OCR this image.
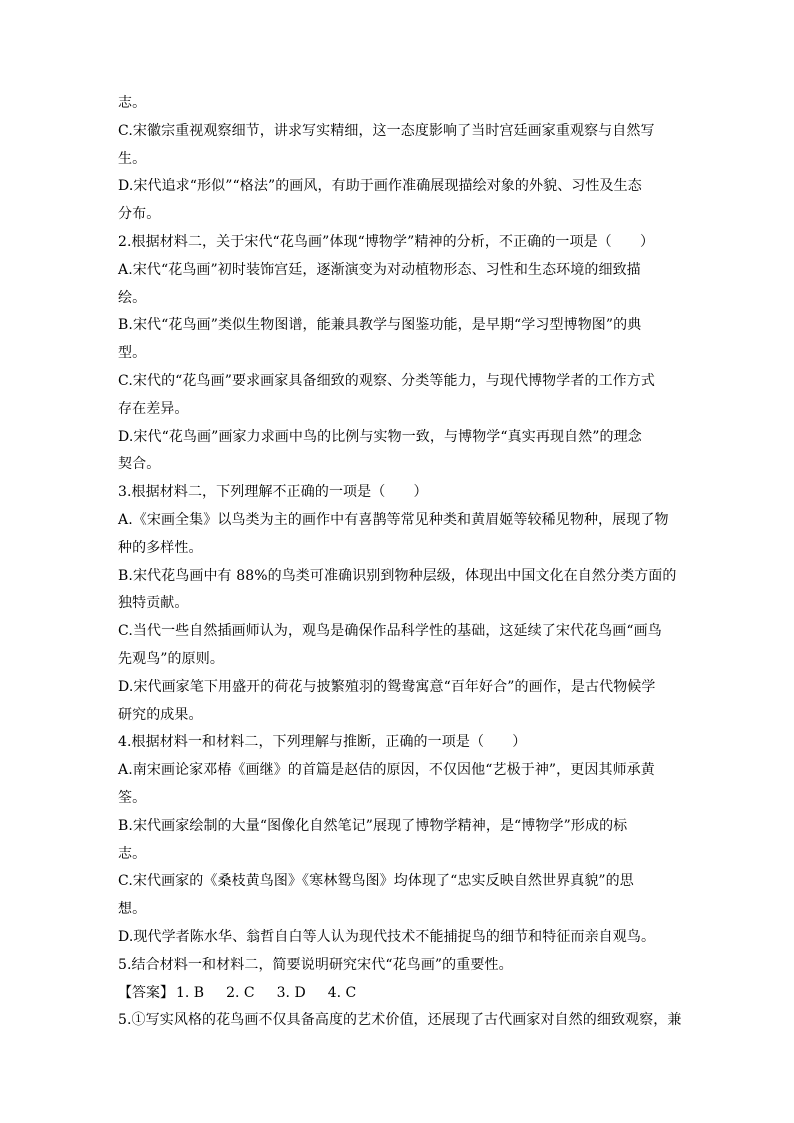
志。
C.宋徽宗重视观察细节，讲求写实精细，这一态度影响了当时宫廷画家重观察与自然写
生。
D.宋代追求“形似”“格法”的画风，有助于画作准确展现描绘对象的外貌、习性及生态
分布。
2.根据材料二，关于宋代“花鸟画”体现“博物学”精神的分析，不正确的一项是（　　）
A.宋代“花鸟画”初时装饰宫廷，逐渐演变为对动植物形态、习性和生态环境的细致描
绘。
B.宋代“花鸟画”类似生物图谱，能兼具教学与图鉴功能，是早期“学习型博物图”的典
型。
C.宋代的“花鸟画”要求画家具备细致的观察、分类等能力，与现代博物学者的工作方式
存在差异。
D.宋代“花鸟画”画家力求画中鸟的比例与实物一致，与博物学“真实再现自然”的理念
契合。
3.根据材料二，下列理解不正确的一项是（　　）
A.《宋画全集》以鸟类为主的画作中有喜鹊等常见种类和黄眉姬等较稀见物种，展现了物
种的多样性。
B.宋代花鸟画中有 88%的鸟类可准确识别到物种层级，体现出中国文化在自然分类方面的
独特贡献。
C.当代一些自然插画师认为，观鸟是确保作品科学性的基础，这延续了宋代花鸟画“画鸟
先观鸟”的原则。
D.宋代画家笔下用盛开的荷花与披繁殖羽的鸳鸯寓意“百年好合”的画作，是古代物候学
研究的成果。
4.根据材料一和材料二，下列理解与推断，正确的一项是（　　）
A.南宋画论家邓椿《画继》的首篇是赵佶的原因，不仅因他“艺极于神”，更因其师承黄
筌。
B.宋代画家绘制的大量“图像化自然笔记”展现了博物学精神，是“博物学”形成的标
志。
C.宋代画家的《桑枝黄鸟图》《寒林鸳鸟图》均体现了“忠实反映自然世界真貌”的思
想。
D.现代学者陈水华、翁哲自白等人认为现代技术不能捕捉鸟的细节和特征而亲自观鸟。
5.结合材料一和材料二，简要说明研究宋代“花鸟画”的重要性。
【答案】 1. B 2. C 3. D 4. C
5.①写实风格的花鸟画不仅具备高度的艺术价值，还展现了古代画家对自然的细致观察，兼
